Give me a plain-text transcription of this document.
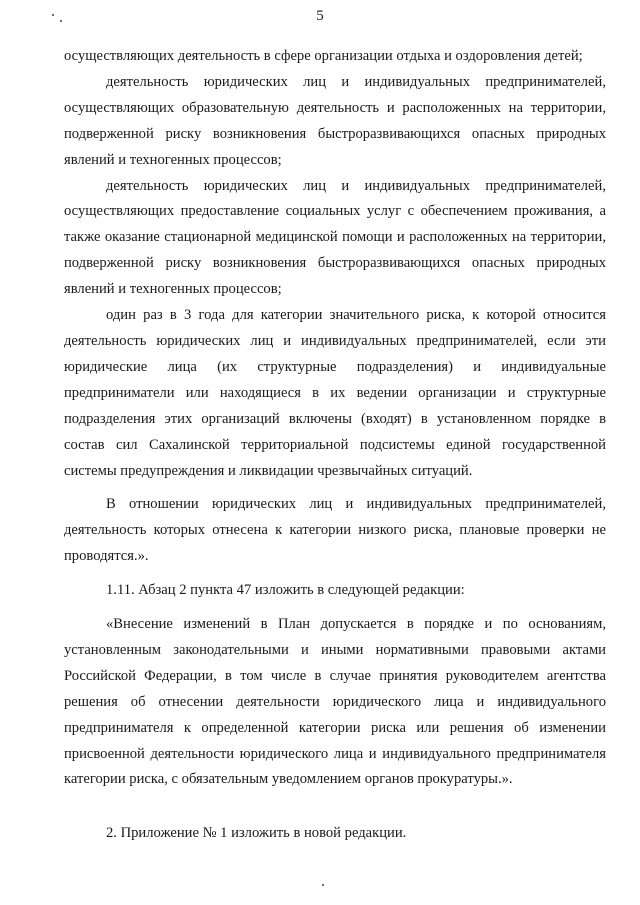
5

осуществляющих деятельность в сфере организации отдыха и оздоровления детей;

деятельность юридических лиц и индивидуальных предпринимателей, осуществляющих образовательную деятельность и расположенных на территории, подверженной риску возникновения быстроразвивающихся опасных природных явлений и техногенных процессов;

деятельность юридических лиц и индивидуальных предпринимателей, осуществляющих предоставление социальных услуг с обеспечением проживания, а также оказание стационарной медицинской помощи и расположенных на территории, подверженной риску возникновения быстроразвивающихся опасных природных явлений и техногенных процессов;

один раз в 3 года для категории значительного риска, к которой относится деятельность юридических лиц и индивидуальных предпринимателей, если эти юридические лица (их структурные подразделения) и индивидуальные предприниматели или находящиеся в их ведении организации и структурные подразделения этих организаций включены (входят) в установленном порядке в состав сил Сахалинской территориальной подсистемы единой государственной системы предупреждения и ликвидации чрезвычайных ситуаций.

В отношении юридических лиц и индивидуальных предпринимателей, деятельность которых отнесена к категории низкого риска, плановые проверки не проводятся.».

1.11. Абзац 2 пункта 47 изложить в следующей редакции:

«Внесение изменений в План допускается в порядке и по основаниям, установленным законодательными и иными нормативными правовыми актами Российской Федерации, в том числе в случае принятия руководителем агентства решения об отнесении деятельности юридического лица и индивидуального предпринимателя к определенной категории риска или решения об изменении присвоенной деятельности юридического лица и индивидуального предпринимателя категории риска, с обязательным уведомлением органов прокуратуры.».

2. Приложение № 1 изложить в новой редакции.
